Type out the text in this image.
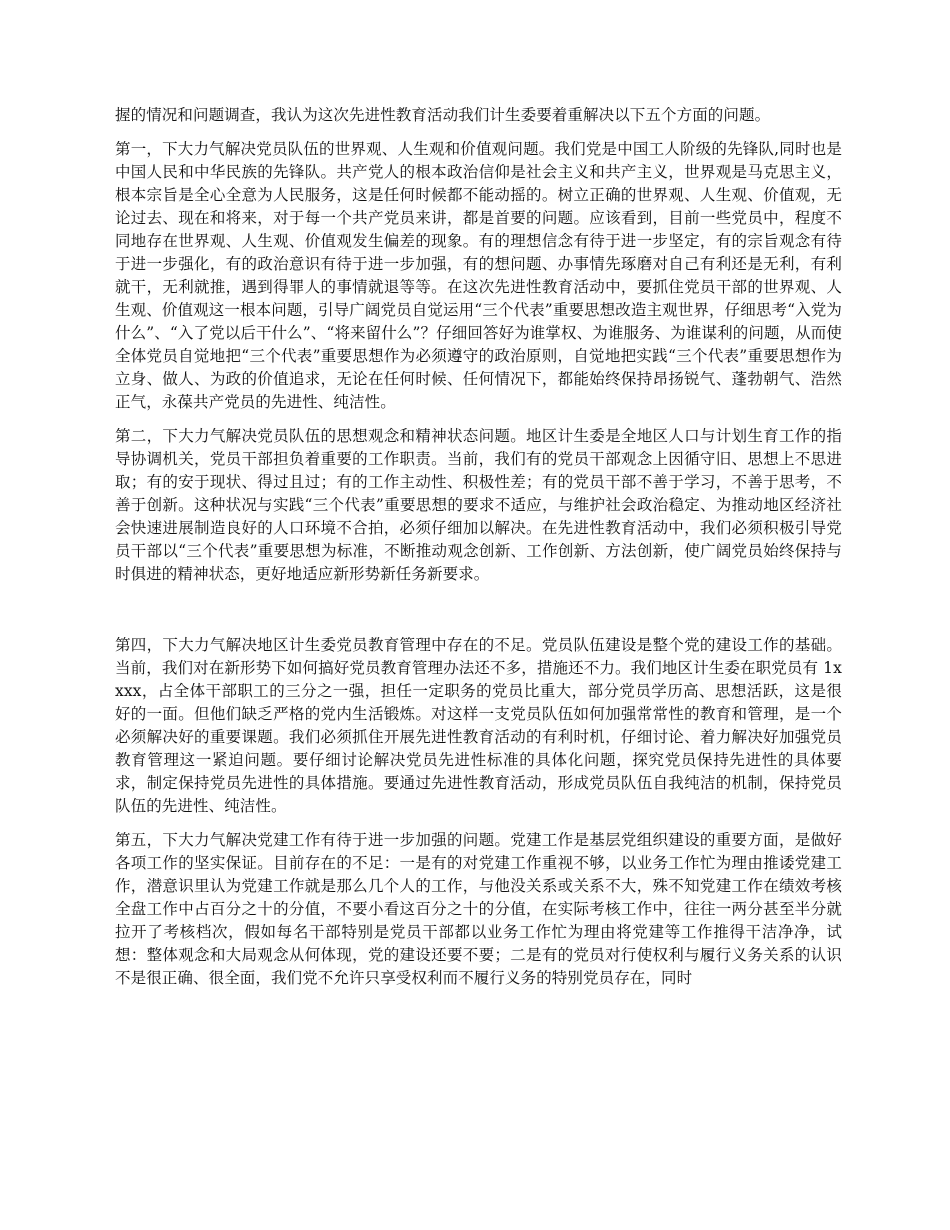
握的情况和问题调查，我认为这次先进性教育活动我们计生委要着重解决以下五个方面的问题。

第一，下大力气解决党员队伍的世界观、人生观和价值观问题。我们党是中国工人阶级的先锋队,同时也是中国人民和中华民族的先锋队。共产党人的根本政治信仰是社会主义和共产主义，世界观是马克思主义，根本宗旨是全心全意为人民服务，这是任何时候都不能动摇的。树立正确的世界观、人生观、价值观，无论过去、现在和将来，对于每一个共产党员来讲，都是首要的问题。应该看到，目前一些党员中，程度不同地存在世界观、人生观、价值观发生偏差的现象。有的理想信念有待于进一步坚定，有的宗旨观念有待于进一步强化，有的政治意识有待于进一步加强，有的想问题、办事情先琢磨对自己有利还是无利，有利就干，无利就推，遇到得罪人的事情就退等等。在这次先进性教育活动中，要抓住党员干部的世界观、人生观、价值观这一根本问题，引导广阔党员自觉运用“三个代表”重要思想改造主观世界，仔细思考“入党为什么”、“入了党以后干什么”、“将来留什么”？仔细回答好为谁掌权、为谁服务、为谁谋利的问题，从而使全体党员自觉地把“三个代表”重要思想作为必须遵守的政治原则，自觉地把实践“三个代表”重要思想作为立身、做人、为政的价值追求，无论在任何时候、任何情况下，都能始终保持昂扬锐气、蓬勃朝气、浩然正气，永葆共产党员的先进性、纯洁性。

第二，下大力气解决党员队伍的思想观念和精神状态问题。地区计生委是全地区人口与计划生育工作的指导协调机关，党员干部担负着重要的工作职责。当前，我们有的党员干部观念上因循守旧、思想上不思进取；有的安于现状、得过且过；有的工作主动性、积极性差；有的党员干部不善于学习，不善于思考，不善于创新。这种状况与实践“三个代表”重要思想的要求不适应，与维护社会政治稳定、为推动地区经济社会快速进展制造良好的人口环境不合拍，必须仔细加以解决。在先进性教育活动中，我们必须积极引导党员干部以“三个代表”重要思想为标准，不断推动观念创新、工作创新、方法创新，使广阔党员始终保持与时俱进的精神状态，更好地适应新形势新任务新要求。

第四，下大力气解决地区计生委党员教育管理中存在的不足。党员队伍建设是整个党的建设工作的基础。当前，我们对在新形势下如何搞好党员教育管理办法还不多，措施还不力。我们地区计生委在职党员有 1xxxx，占全体干部职工的三分之一强，担任一定职务的党员比重大，部分党员学历高、思想活跃，这是很好的一面。但他们缺乏严格的党内生活锻炼。对这样一支党员队伍如何加强常常性的教育和管理，是一个必须解决好的重要课题。我们必须抓住开展先进性教育活动的有利时机，仔细讨论、着力解决好加强党员教育管理这一紧迫问题。要仔细讨论解决党员先进性标准的具体化问题，探究党员保持先进性的具体要求，制定保持党员先进性的具体措施。要通过先进性教育活动，形成党员队伍自我纯洁的机制，保持党员队伍的先进性、纯洁性。

第五，下大力气解决党建工作有待于进一步加强的问题。党建工作是基层党组织建设的重要方面，是做好各项工作的坚实保证。目前存在的不足：一是有的对党建工作重视不够，以业务工作忙为理由推诿党建工作，潜意识里认为党建工作就是那么几个人的工作，与他没关系或关系不大，殊不知党建工作在绩效考核全盘工作中占百分之十的分值，不要小看这百分之十的分值，在实际考核工作中，往往一两分甚至半分就拉开了考核档次，假如每名干部特别是党员干部都以业务工作忙为理由将党建等工作推得干洁净净，试想：整体观念和大局观念从何体现，党的建设还要不要；二是有的党员对行使权利与履行义务关系的认识不是很正确、很全面，我们党不允许只享受权利而不履行义务的特别党员存在，同时
